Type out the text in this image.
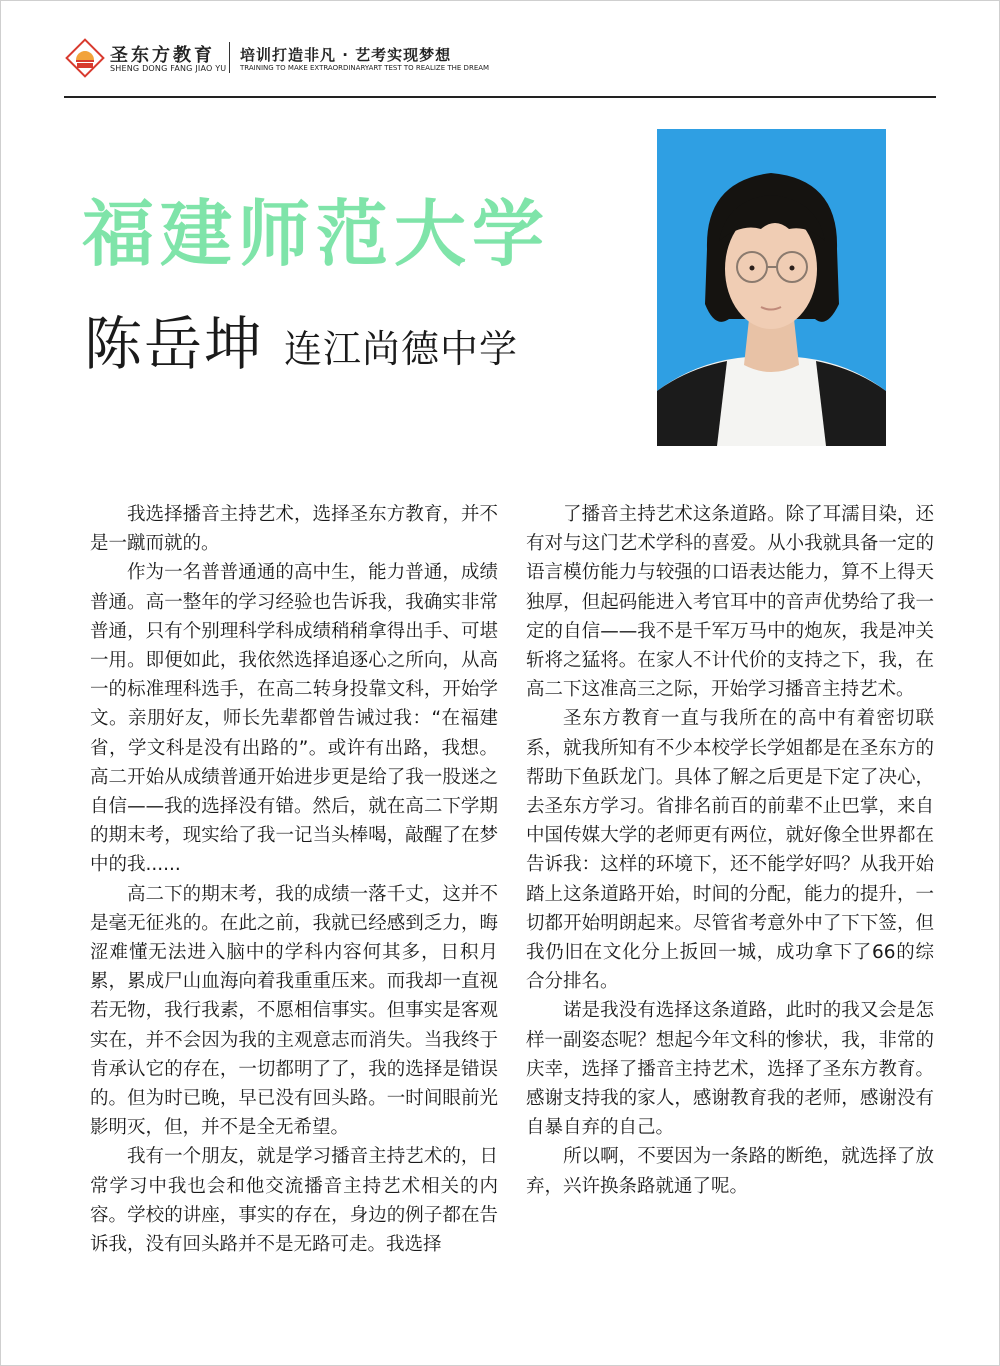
圣东方教育
SHENG DONG FANG JIAO YU
培训打造非凡 · 艺考实现梦想
TRAINING TO MAKE EXTRAORDINARYART TEST TO REALIZE THE DREAM
福建师范大学
陈岳坤 连江尚德中学

我选择播音主持艺术，选择圣东方教育，并不是一蹴而就的。

作为一名普普通通的高中生，能力普通，成绩普通。高一整年的学习经验也告诉我，我确实非常普通，只有个别理科学科成绩稍稍拿得出手、可堪一用。即便如此，我依然选择追逐心之所向，从高一的标准理科选手，在高二转身投靠文科，开始学文。亲朋好友，师长先辈都曾告诫过我：“在福建省，学文科是没有出路的”。或许有出路，我想。高二开始从成绩普通开始进步更是给了我一股迷之自信——我的选择没有错。然后，就在高二下学期的期末考，现实给了我一记当头棒喝，敲醒了在梦中的我......

高二下的期末考，我的成绩一落千丈，这并不是毫无征兆的。在此之前，我就已经感到乏力，晦涩难懂无法进入脑中的学科内容何其多，日积月累，累成尸山血海向着我重重压来。而我却一直视若无物，我行我素，不愿相信事实。但事实是客观实在，并不会因为我的主观意志而消失。当我终于肯承认它的存在，一切都明了了，我的选择是错误的。但为时已晚，早已没有回头路。一时间眼前光影明灭，但，并不是全无希望。

我有一个朋友，就是学习播音主持艺术的，日常学习中我也会和他交流播音主持艺术相关的内容。学校的讲座，事实的存在，身边的例子都在告诉我，没有回头路并不是无路可走。我选择

了播音主持艺术这条道路。除了耳濡目染，还有对与这门艺术学科的喜爱。从小我就具备一定的语言模仿能力与较强的口语表达能力，算不上得天独厚，但起码能进入考官耳中的音声优势给了我一定的自信——我不是千军万马中的炮灰，我是冲关斩将之猛将。在家人不计代价的支持之下，我，在高二下这准高三之际，开始学习播音主持艺术。

圣东方教育一直与我所在的高中有着密切联系，就我所知有不少本校学长学姐都是在圣东方的帮助下鱼跃龙门。具体了解之后更是下定了决心，去圣东方学习。省排名前百的前辈不止巴掌，来自中国传媒大学的老师更有两位，就好像全世界都在告诉我：这样的环境下，还不能学好吗？从我开始踏上这条道路开始，时间的分配，能力的提升，一切都开始明朗起来。尽管省考意外中了下下签，但我仍旧在文化分上扳回一城，成功拿下了66的综合分排名。

诺是我没有选择这条道路，此时的我又会是怎样一副姿态呢？想起今年文科的惨状，我，非常的庆幸，选择了播音主持艺术，选择了圣东方教育。感谢支持我的家人，感谢教育我的老师，感谢没有自暴自弃的自己。

所以啊，不要因为一条路的断绝，就选择了放弃，兴许换条路就通了呢。
